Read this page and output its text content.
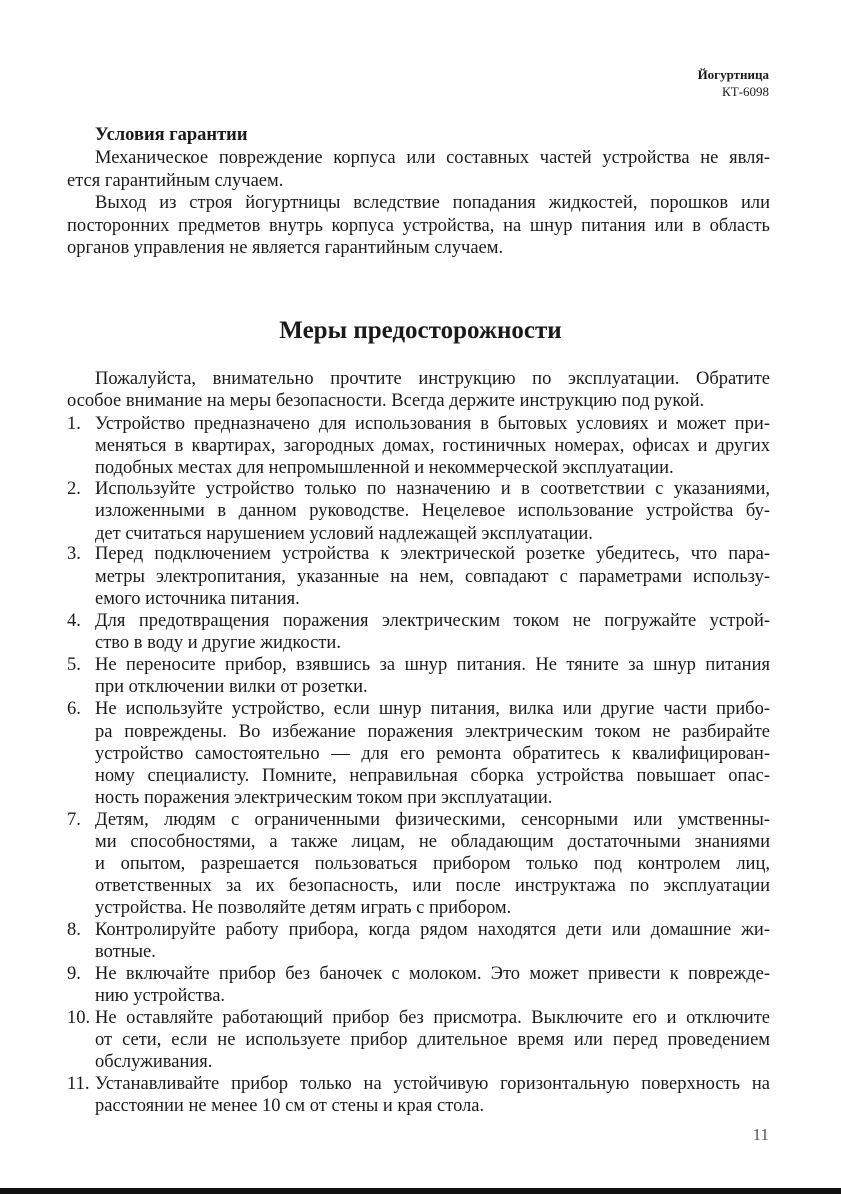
Йогуртница
КТ-6098
Условия гарантии
Механическое повреждение корпуса или составных частей устройства не явля-
ется гарантийным случаем.
Выход из строя йогуртницы вследствие попадания жидкостей, порошков или
посторонних предметов внутрь корпуса устройства, на шнур питания или в область
органов управления не является гарантийным случаем.
Меры предосторожности
Пожалуйста, внимательно прочтите инструкцию по эксплуатации. Обратите
особое внимание на меры безопасности. Всегда держите инструкцию под рукой.
1. Устройство предназначено для использования в бытовых условиях и может при-
меняться в квартирах, загородных домах, гостиничных номерах, офисах и других
подобных местах для непромышленной и некоммерческой эксплуатации.
2. Используйте устройство только по назначению и в соответствии с указаниями,
изложенными в данном руководстве. Нецелевое использование устройства бу-
дет считаться нарушением условий надлежащей эксплуатации.
3. Перед подключением устройства к электрической розетке убедитесь, что пара-
метры электропитания, указанные на нем, совпадают с параметрами использу-
емого источника питания.
4. Для предотвращения поражения электрическим током не погружайте устрой-
ство в воду и другие жидкости.
5. Не переносите прибор, взявшись за шнур питания. Не тяните за шнур питания
при отключении вилки от розетки.
6. Не используйте устройство, если шнур питания, вилка или другие части прибо-
ра повреждены. Во избежание поражения электрическим током не разбирайте
устройство самостоятельно — для его ремонта обратитесь к квалифицирован-
ному специалисту. Помните, неправильная сборка устройства повышает опас-
ность поражения электрическим током при эксплуатации.
7. Детям, людям с ограниченными физическими, сенсорными или умственны-
ми способностями, а также лицам, не обладающим достаточными знаниями
и опытом, разрешается пользоваться прибором только под контролем лиц,
ответственных за их безопасность, или после инструктажа по эксплуатации
устройства. Не позволяйте детям играть с прибором.
8. Контролируйте работу прибора, когда рядом находятся дети или домашние жи-
вотные.
9. Не включайте прибор без баночек с молоком. Это может привести к поврежде-
нию устройства.
10. Не оставляйте работающий прибор без присмотра. Выключите его и отключите
от сети, если не используете прибор длительное время или перед проведением
обслуживания.
11. Устанавливайте прибор только на устойчивую горизонтальную поверхность на
расстоянии не менее 10 см от стены и края стола.
11
